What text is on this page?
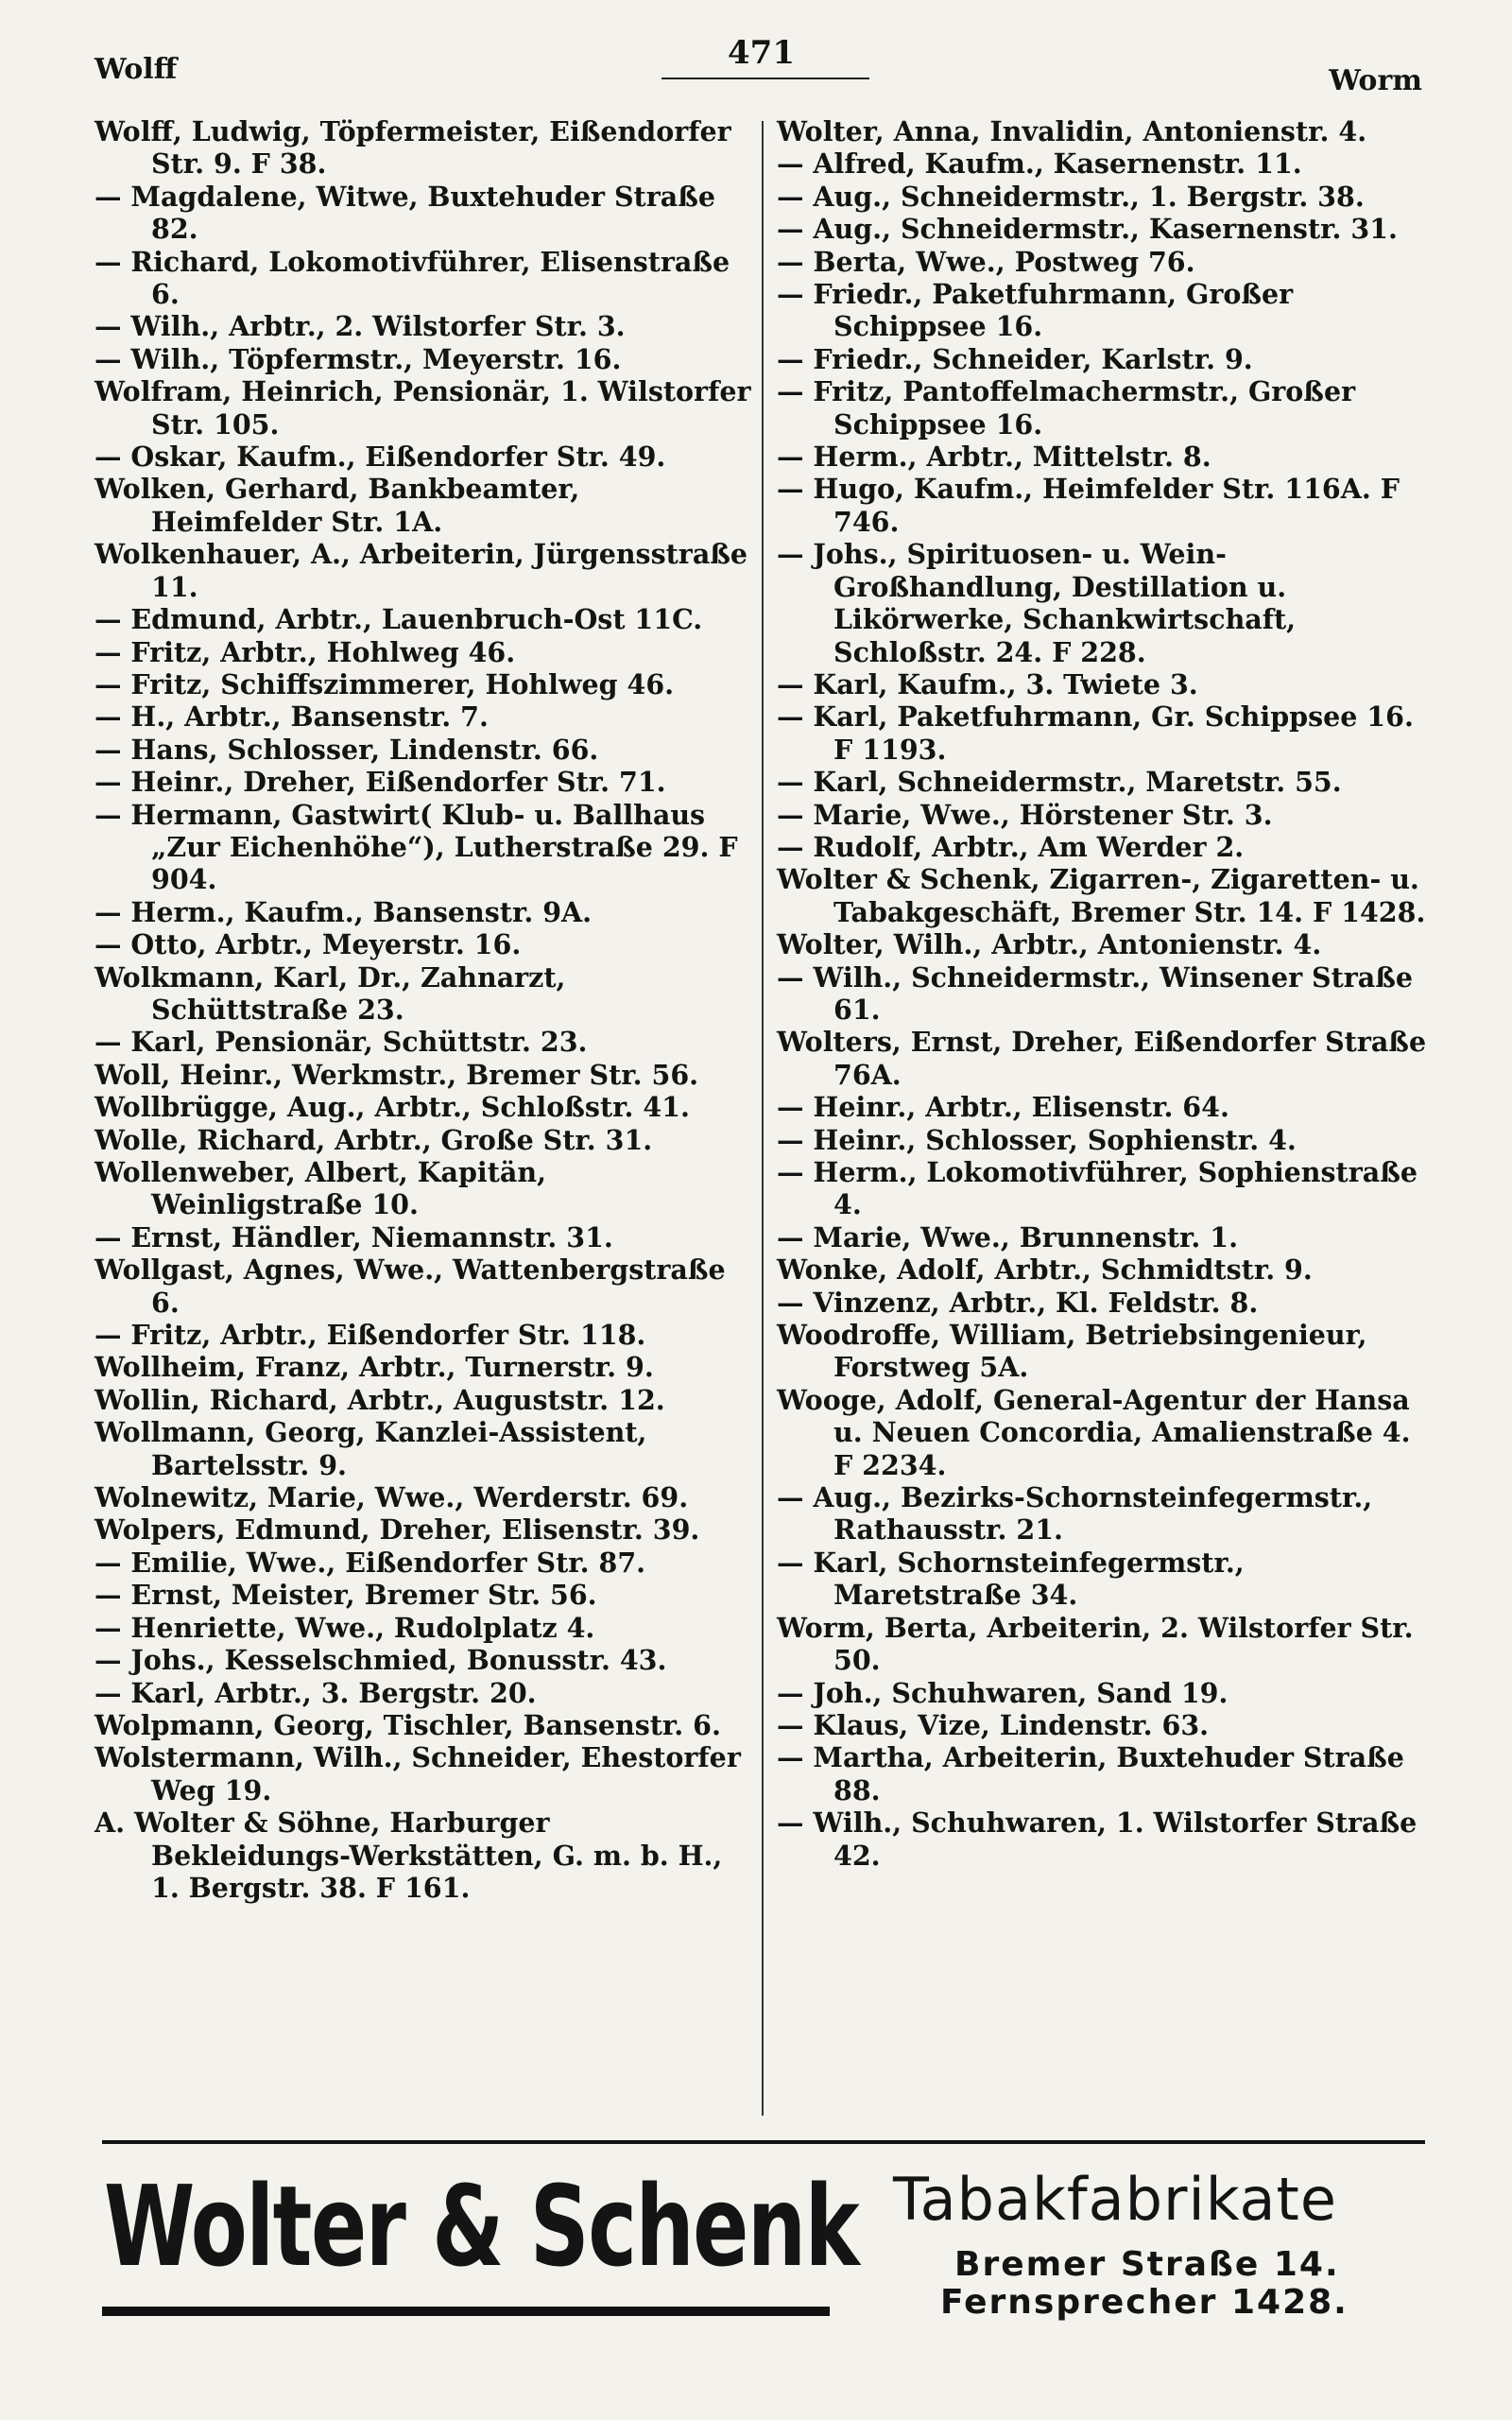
Wolff	471
Worm
Wolff, Ludwig, Töpfermeister, Eißendorfer Str. 9. F 38.
— Magdalene, Witwe, Buxtehuder Straße 82.
— Richard, Lokomotivführer, Elisenstraße 6.
— Wilh., Arbtr., 2. Wilstorfer Str. 3.
— Wilh., Töpfermstr., Meyerstr. 16.
Wolfram, Heinrich, Pensionär, 1. Wilstorfer Str. 105.
— Oskar, Kaufm., Eißendorfer Str. 49.
Wolken, Gerhard, Bankbeamter, Heimfelder Str. 1A.
Wolkenhauer, A., Arbeiterin, Jürgensstraße 11.
— Edmund, Arbtr., Lauenbruch-Ost 11C.
— Fritz, Arbtr., Hohlweg 46.
— Fritz, Schiffszimmerer, Hohlweg 46.
— H., Arbtr., Bansenstr. 7.
— Hans, Schlosser, Lindenstr. 66.
— Heinr., Dreher, Eißendorfer Str. 71.
— Hermann, Gastwirt( Klub- u. Ballhaus „Zur Eichenhöhe“), Lutherstraße 29. F 904.
— Herm., Kaufm., Bansenstr. 9A.
— Otto, Arbtr., Meyerstr. 16.
Wolkmann, Karl, Dr., Zahnarzt, Schüttstraße 23.
— Karl, Pensionär, Schüttstr. 23.
Woll, Heinr., Werkmstr., Bremer Str. 56.
Wollbrügge, Aug., Arbtr., Schloßstr. 41.
Wolle, Richard, Arbtr., Große Str. 31.
Wollenweber, Albert, Kapitän, Weinligstraße 10.
— Ernst, Händler, Niemannstr. 31.
Wollgast, Agnes, Wwe., Wattenbergstraße 6.
— Fritz, Arbtr., Eißendorfer Str. 118.
Wollheim, Franz, Arbtr., Turnerstr. 9.
Wollin, Richard, Arbtr., Auguststr. 12.
Wollmann, Georg, Kanzlei-Assistent, Bartelsstr. 9.
Wolnewitz, Marie, Wwe., Werderstr. 69.
Wolpers, Edmund, Dreher, Elisenstr. 39.
— Emilie, Wwe., Eißendorfer Str. 87.
— Ernst, Meister, Bremer Str. 56.
— Henriette, Wwe., Rudolplatz 4.
— Johs., Kesselschmied, Bonusstr. 43.
— Karl, Arbtr., 3. Bergstr. 20.
Wolpmann, Georg, Tischler, Bansenstr. 6.
Wolstermann, Wilh., Schneider, Ehestorfer Weg 19.
A. Wolter & Söhne, Harburger Bekleidungs-Werkstätten, G. m. b. H., 1. Bergstr. 38. F 161.
Wolter, Anna, Invalidin, Antonienstr. 4.
— Alfred, Kaufm., Kasernenstr. 11.
— Aug., Schneidermstr., 1. Bergstr. 38.
— Aug., Schneidermstr., Kasernenstr. 31.
— Berta, Wwe., Postweg 76.
— Friedr., Paketfuhrmann, Großer Schippsee 16.
— Friedr., Schneider, Karlstr. 9.
— Fritz, Pantoffelmachermstr., Großer Schippsee 16.
— Herm., Arbtr., Mittelstr. 8.
— Hugo, Kaufm., Heimfelder Str. 116A. F 746.
— Johs., Spirituosen- u. Wein-Großhandlung, Destillation u. Likörwerke, Schankwirtschaft, Schloßstr. 24. F 228.
— Karl, Kaufm., 3. Twiete 3.
— Karl, Paketfuhrmann, Gr. Schippsee 16. F 1193.
— Karl, Schneidermstr., Maretstr. 55.
— Marie, Wwe., Hörstener Str. 3.
— Rudolf, Arbtr., Am Werder 2.
Wolter & Schenk, Zigarren-, Zigaretten- u. Tabakgeschäft, Bremer Str. 14. F 1428.
Wolter, Wilh., Arbtr., Antonienstr. 4.
— Wilh., Schneidermstr., Winsener Straße 61.
Wolters, Ernst, Dreher, Eißendorfer Straße 76A.
— Heinr., Arbtr., Elisenstr. 64.
— Heinr., Schlosser, Sophienstr. 4.
— Herm., Lokomotivführer, Sophienstraße 4.
— Marie, Wwe., Brunnenstr. 1.
Wonke, Adolf, Arbtr., Schmidtstr. 9.
— Vinzenz, Arbtr., Kl. Feldstr. 8.
Woodroffe, William, Betriebsingenieur, Forstweg 5A.
Wooge, Adolf, General-Agentur der Hansa u. Neuen Concordia, Amalienstraße 4. F 2234.
— Aug., Bezirks-Schornsteinfegermstr., Rathausstr. 21.
— Karl, Schornsteinfegermstr., Maretstraße 34.
Worm, Berta, Arbeiterin, 2. Wilstorfer Str. 50.
— Joh., Schuhwaren, Sand 19.
— Klaus, Vize, Lindenstr. 63.
— Martha, Arbeiterin, Buxtehuder Straße 88.
— Wilh., Schuhwaren, 1. Wilstorfer Straße 42.
Wolter & Schenk Tabakfabrikate
Bremer Straße 14.
Fernsprecher 1428.
